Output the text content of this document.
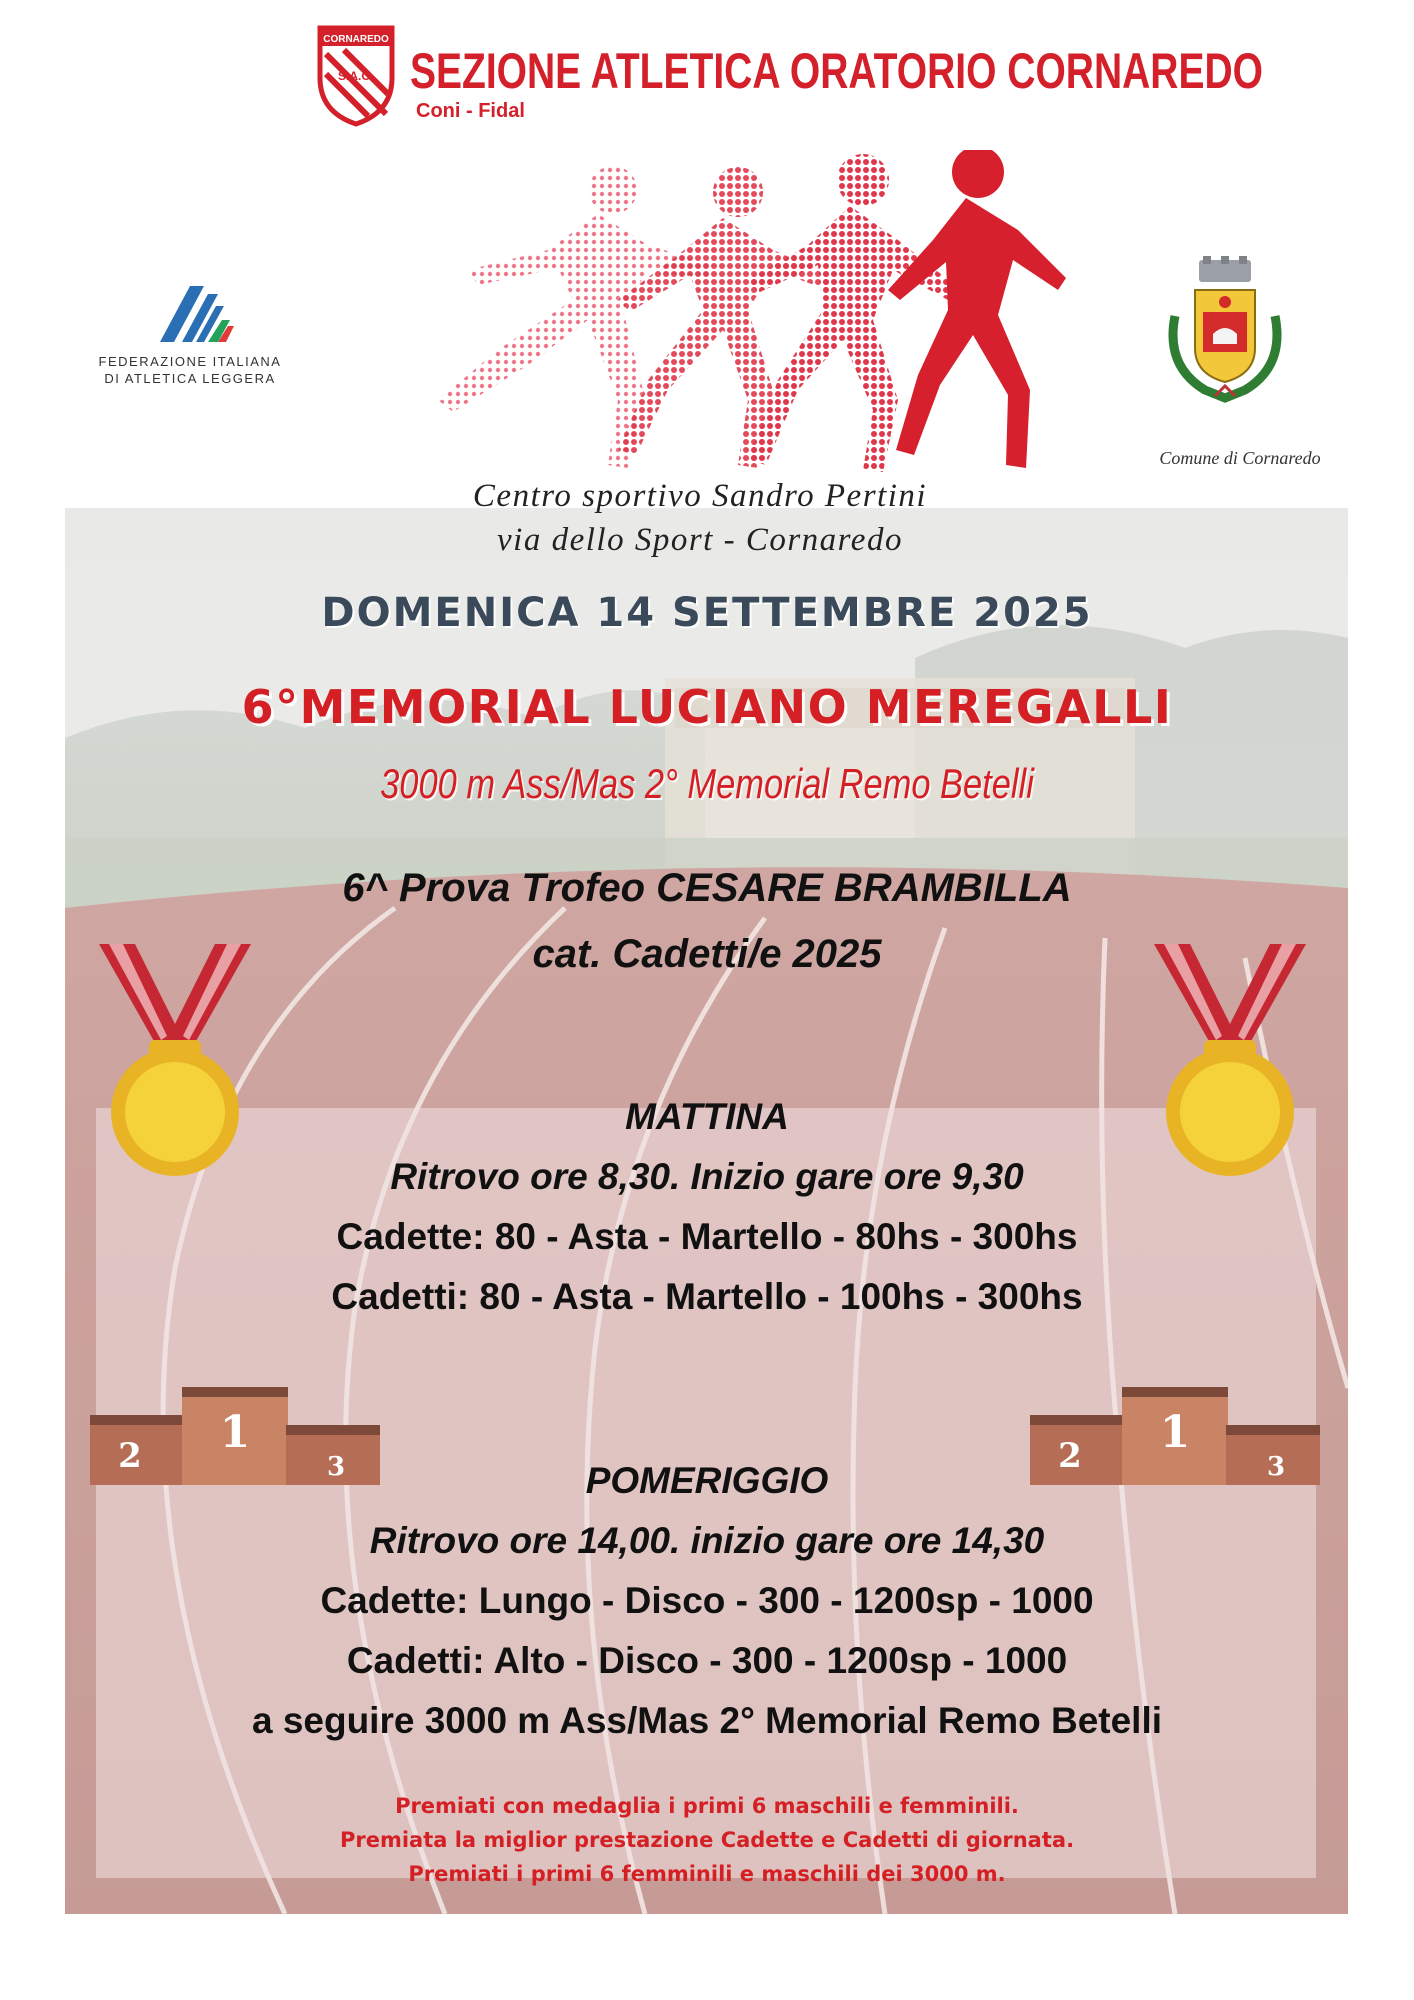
CORNAREDO
S.A.O. SEZIONE ATLETICA ORATORIO CORNAREDO
Coni - Fidal
FEDERAZIONE ITALIANA
DI ATLETICA LEGGERA
Comune di Cornaredo
Centro sportivo Sandro Pertini
via dello Sport - Cornaredo
DOMENICA 14 SETTEMBRE 2025
6°MEMORIAL LUCIANO MEREGALLI
3000 m Ass/Mas 2° Memorial Remo Betelli
6^ Prova Trofeo CESARE BRAMBILLA
cat. Cadetti/e 2025
2 1
3	2 1
3
MATTINA
Ritrovo ore 8,30. Inizio gare ore 9,30
Cadette: 80 - Asta - Martello - 80hs - 300hs
Cadetti: 80 - Asta - Martello - 100hs - 300hs
POMERIGGIO
Ritrovo ore 14,00. inizio gare ore 14,30
Cadette: Lungo - Disco - 300 - 1200sp - 1000
Cadetti: Alto - Disco - 300 - 1200sp - 1000
a seguire 3000 m Ass/Mas 2° Memorial Remo Betelli
Premiati con medaglia i primi 6 maschili e femminili.
Premiata la miglior prestazione Cadette e Cadetti di giornata.
Premiati i primi 6 femminili e maschili dei 3000 m.
